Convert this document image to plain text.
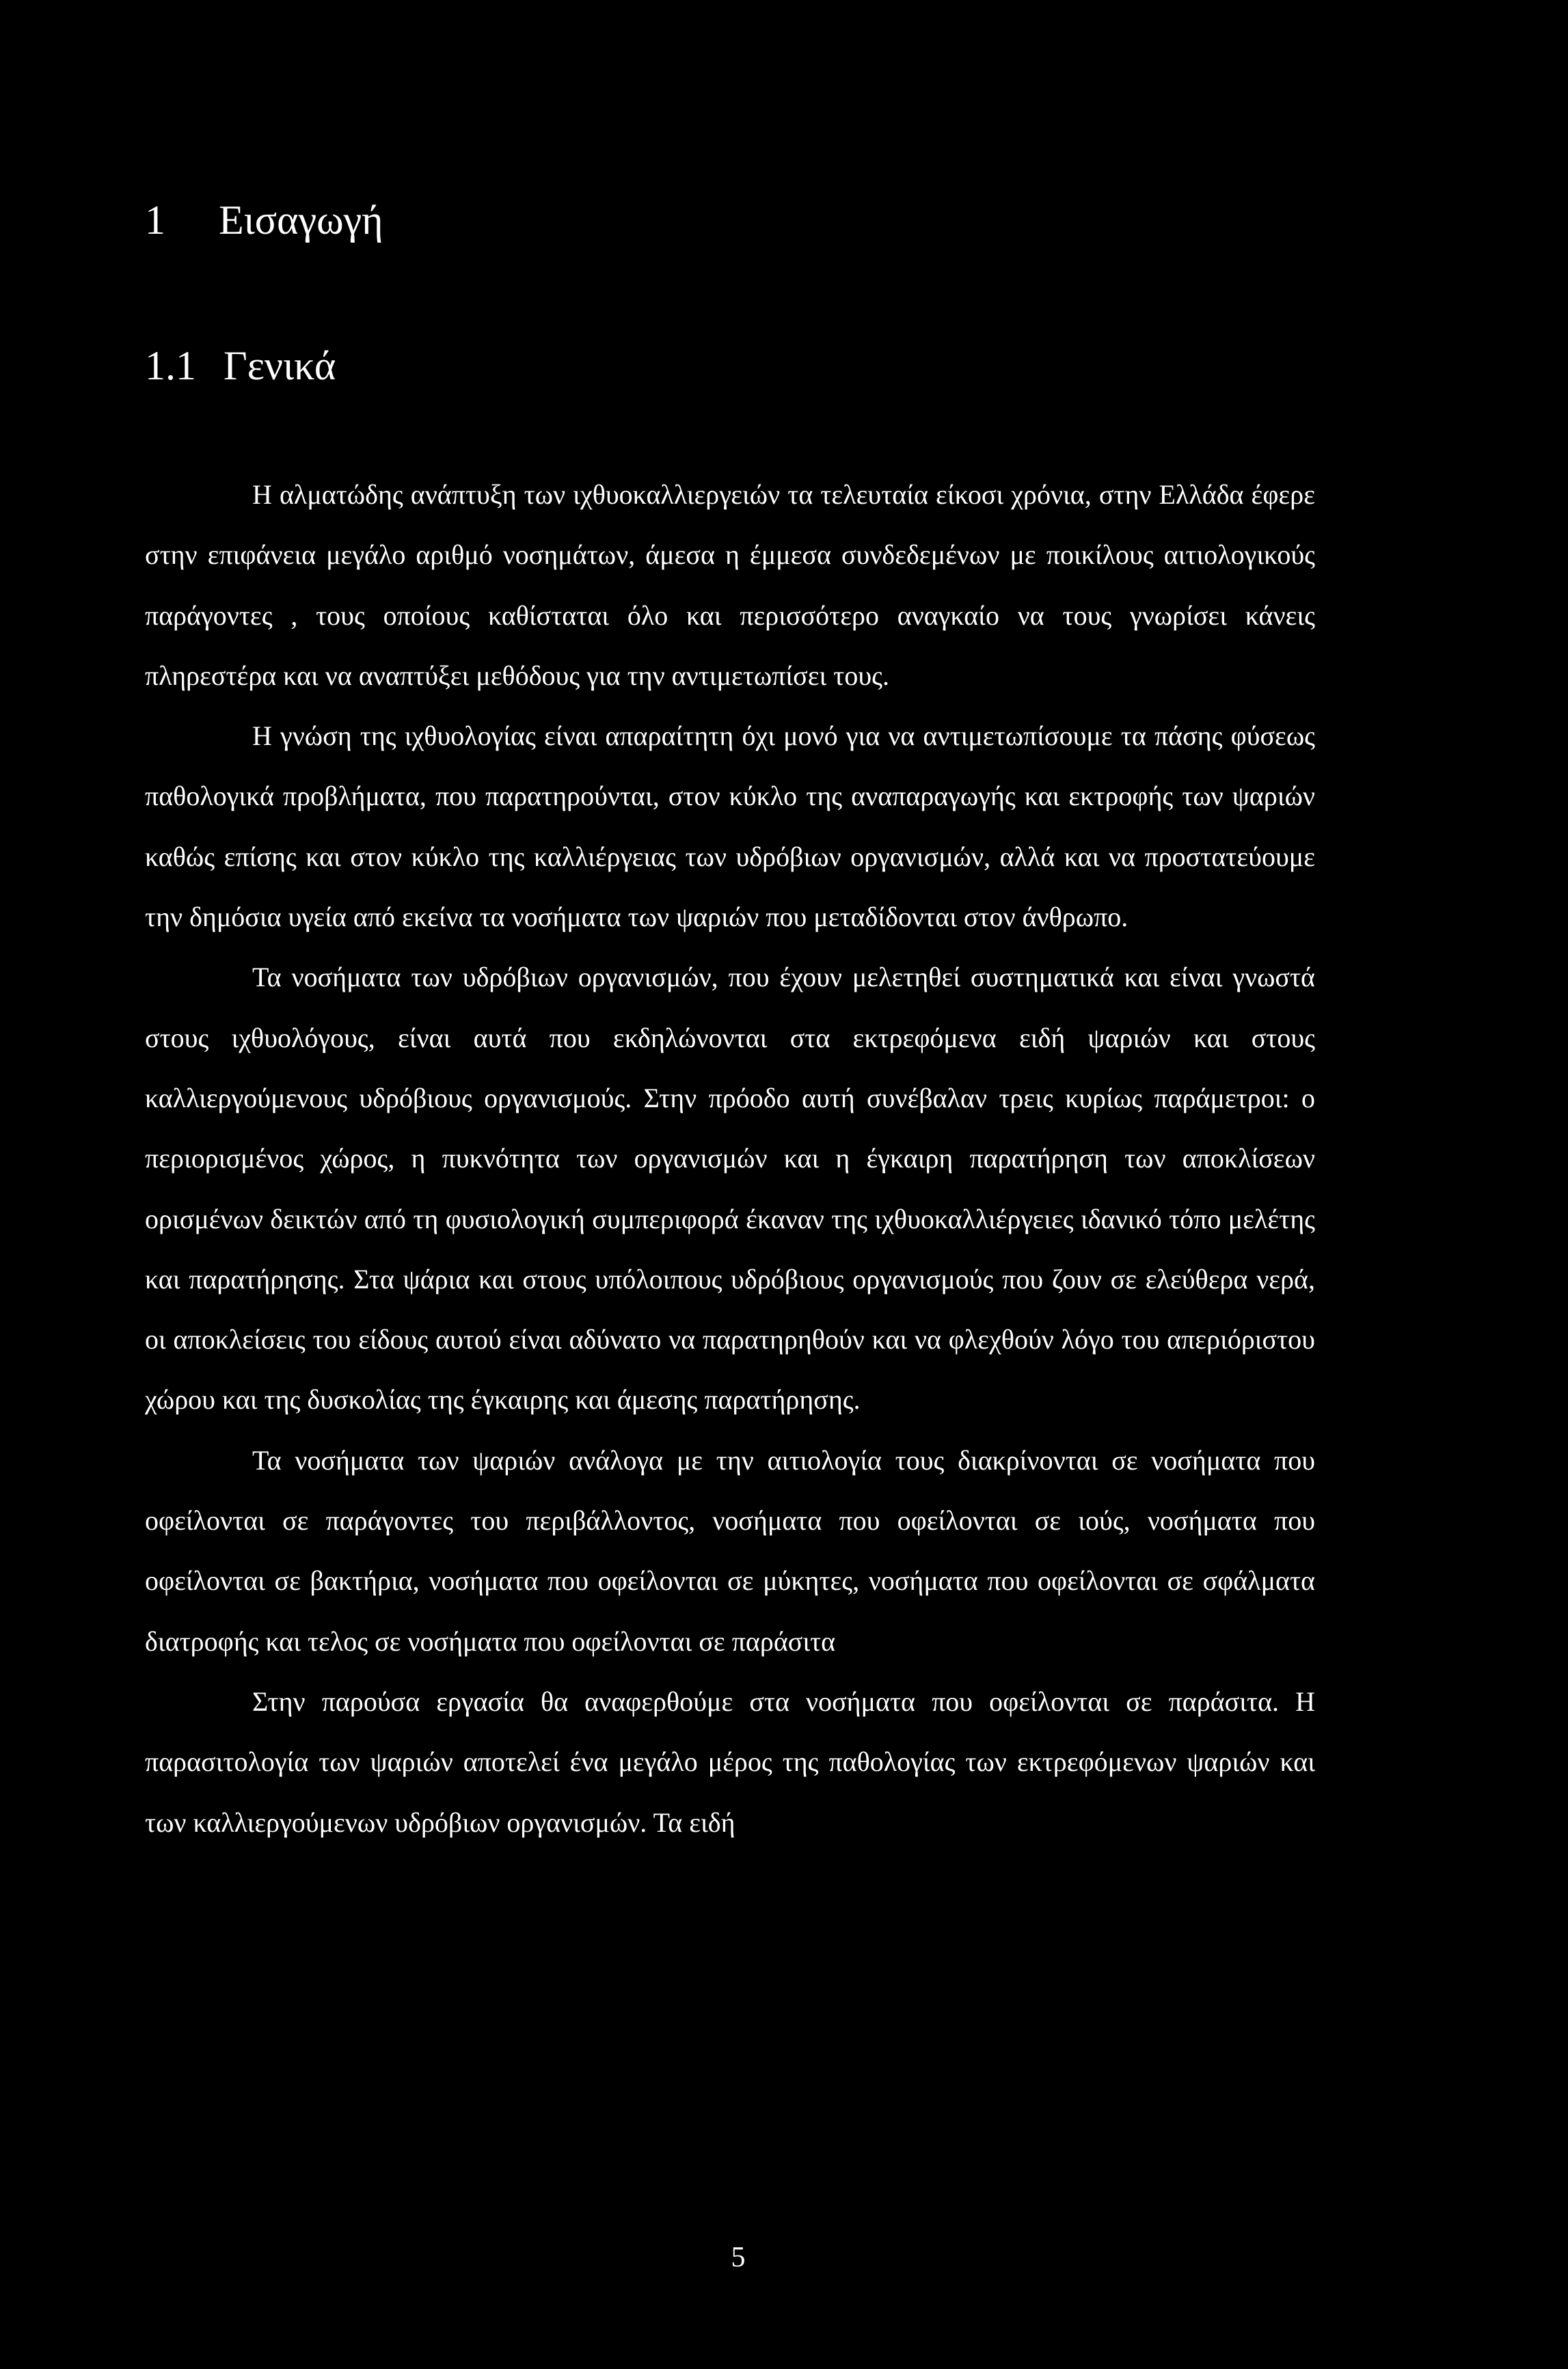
1 Εισαγωγή
1.1 Γενικά

Η αλματώδης ανάπτυξη των ιχθυοκαλλιεργειών τα τελευταία είκοσι χρόνια, στην Ελλάδα έφερε στην επιφάνεια μεγάλο αριθμό νοσημάτων, άμεσα η έμμεσα συνδεδεμένων με ποικίλους αιτιολογικούς παράγοντες , τους οποίους καθίσταται όλο και περισσότερο αναγκαίο να τους γνωρίσει κάνεις πληρεστέρα και να αναπτύξει μεθόδους για την αντιμετωπίσει τους.

Η γνώση της ιχθυολογίας είναι απαραίτητη όχι μονό για να αντιμετωπίσουμε τα πάσης φύσεως παθολογικά προβλήματα, που παρατηρούνται, στον κύκλο της αναπαραγωγής και εκτροφής των ψαριών καθώς επίσης και στον κύκλο της καλλιέργειας των υδρόβιων οργανισμών, αλλά και να προστατεύουμε την δημόσια υγεία από εκείνα τα νοσήματα των ψαριών που μεταδίδονται στον άνθρωπο.

Τα νοσήματα των υδρόβιων οργανισμών, που έχουν μελετηθεί συστηματικά και είναι γνωστά στους ιχθυολόγους, είναι αυτά που εκδηλώνονται στα εκτρεφόμενα ειδή ψαριών και στους καλλιεργούμενους υδρόβιους οργανισμούς. Στην πρόοδο αυτή συνέβαλαν τρεις κυρίως παράμετροι: ο περιορισμένος χώρος, η πυκνότητα των οργανισμών και η έγκαιρη παρατήρηση των αποκλίσεων ορισμένων δεικτών από τη φυσιολογική συμπεριφορά έκαναν της ιχθυοκαλλιέργειες ιδανικό τόπο μελέτης και παρατήρησης. Στα ψάρια και στους υπόλοιπους υδρόβιους οργανισμούς που ζουν σε ελεύθερα νερά, οι αποκλείσεις του είδους αυτού είναι αδύνατο να παρατηρηθούν και να φλεχθούν λόγο του απεριόριστου χώρου και της δυσκολίας της έγκαιρης και άμεσης παρατήρησης.

Τα νοσήματα των ψαριών ανάλογα με την αιτιολογία τους διακρίνονται σε νοσήματα που οφείλονται σε παράγοντες του περιβάλλοντος, νοσήματα που οφείλονται σε ιούς, νοσήματα που οφείλονται σε βακτήρια, νοσήματα που οφείλονται σε μύκητες, νοσήματα που οφείλονται σε σφάλματα διατροφής και τελος σε νοσήματα που οφείλονται σε παράσιτα

Στην παρούσα εργασία θα αναφερθούμε στα νοσήματα που οφείλονται σε παράσιτα. Η παρασιτολογία των ψαριών αποτελεί ένα μεγάλο μέρος της παθολογίας των εκτρεφόμενων ψαριών και των καλλιεργούμενων υδρόβιων οργανισμών. Τα ειδή

5
